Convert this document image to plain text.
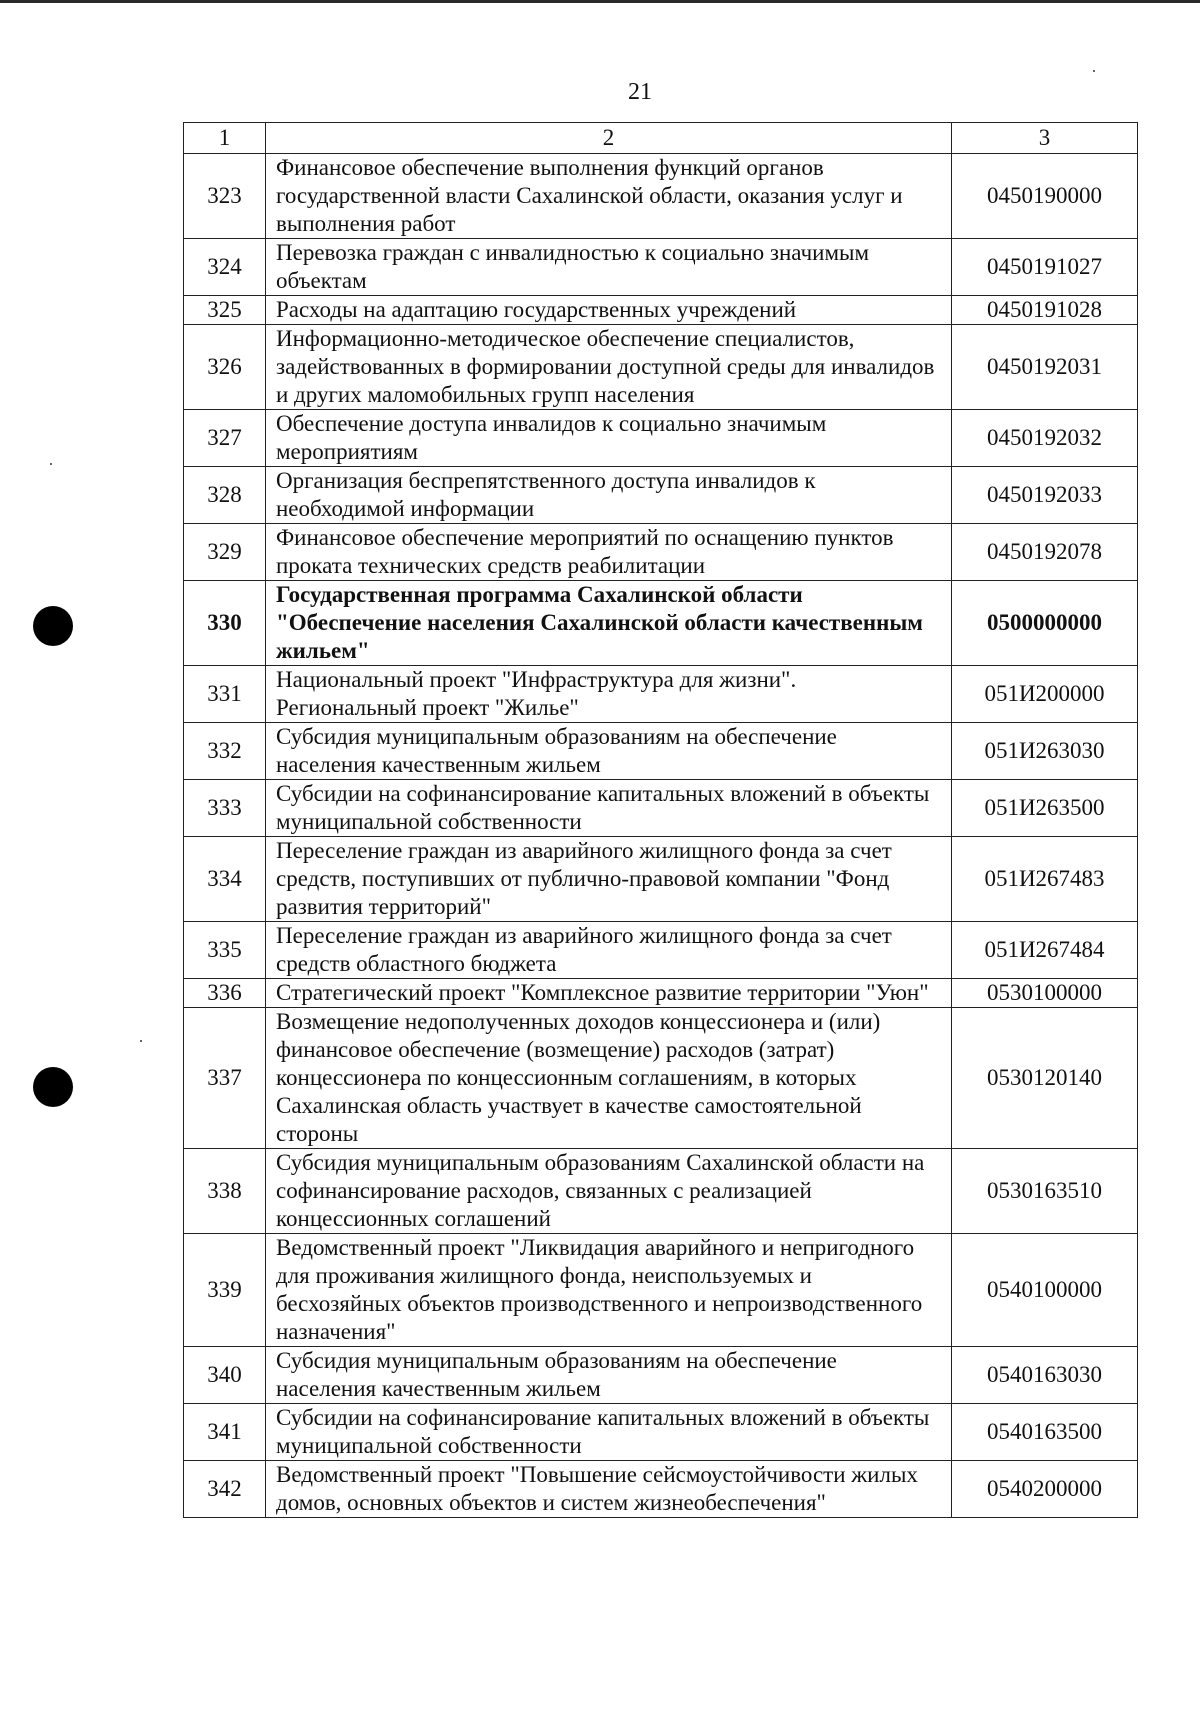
21
1	2	3
323	Финансовое обеспечение выполнения функций органов государственной власти Сахалинской области, оказания услуг и выполнения работ	0450190000
324	Перевозка граждан с инвалидностью к социально значимым объектам	0450191027
325	Расходы на адаптацию государственных учреждений	0450191028
326	Информационно-методическое обеспечение специалистов, задействованных в формировании доступной среды для инвалидов и других маломобильных групп населения	0450192031
327	Обеспечение доступа инвалидов к социально значимым мероприятиям	0450192032
328	Организация беспрепятственного доступа инвалидов к необходимой информации	0450192033
329	Финансовое обеспечение мероприятий по оснащению пунктов проката технических средств реабилитации	0450192078
330	Государственная программа Сахалинской области "Обеспечение населения Сахалинской области качественным жильем"	0500000000
331	Национальный проект "Инфраструктура для жизни". Региональный проект "Жилье"	051И200000
332	Субсидия муниципальным образованиям на обеспечение населения качественным жильем	051И263030
333	Субсидии на софинансирование капитальных вложений в объекты муниципальной собственности	051И263500
334	Переселение граждан из аварийного жилищного фонда за счет средств, поступивших от публично-правовой компании "Фонд развития территорий"	051И267483
335	Переселение граждан из аварийного жилищного фонда за счет средств областного бюджета	051И267484
336	Стратегический проект "Комплексное развитие территории "Уюн"	0530100000
337	Возмещение недополученных доходов концессионера и (или) финансовое обеспечение (возмещение) расходов (затрат) концессионера по концессионным соглашениям, в которых Сахалинская область участвует в качестве самостоятельной стороны	0530120140
338	Субсидия муниципальным образованиям Сахалинской области на софинансирование расходов, связанных с реализацией концессионных соглашений	0530163510
339	Ведомственный проект "Ликвидация аварийного и непригодного для проживания жилищного фонда, неиспользуемых и бесхозяйных объектов производственного и непроизводственного назначения"	0540100000
340	Субсидия муниципальным образованиям на обеспечение населения качественным жильем	0540163030
341	Субсидии на софинансирование капитальных вложений в объекты муниципальной собственности	0540163500
342	Ведомственный проект "Повышение сейсмоустойчивости жилых домов, основных объектов и систем жизнеобеспечения"	0540200000
